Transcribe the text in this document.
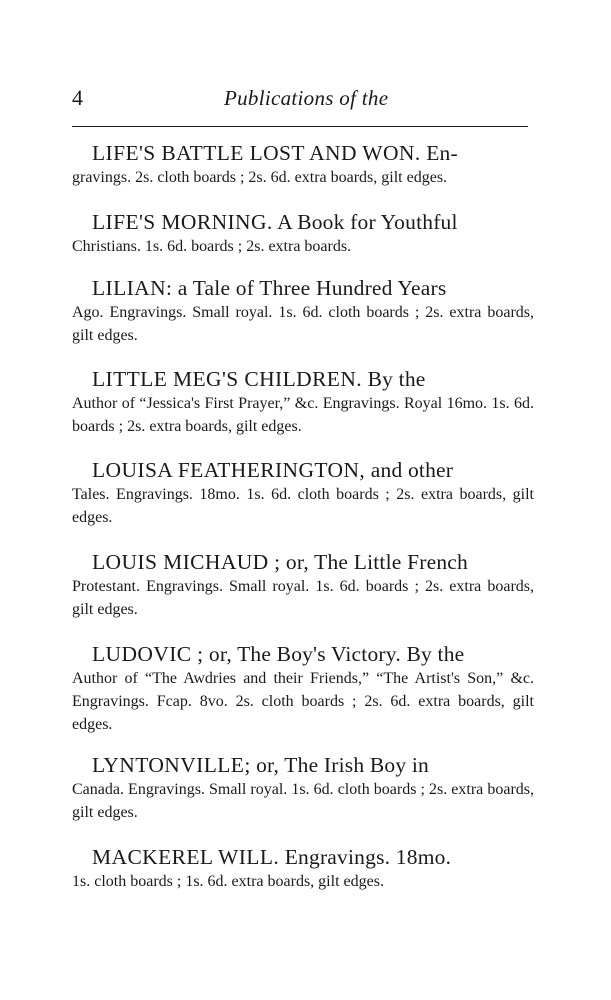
4	Publications of the

LIFE'S BATTLE LOST AND WON. En-
gravings. 2s. cloth boards ; 2s. 6d. extra boards, gilt edges.

LIFE'S MORNING. A Book for Youthful
Christians. 1s. 6d. boards ; 2s. extra boards.

LILIAN: a Tale of Three Hundred Years
Ago. Engravings. Small royal. 1s. 6d. cloth boards ; 2s. extra boards, gilt edges.

LITTLE MEG'S CHILDREN. By the
Author of “Jessica's First Prayer,” &c. Engravings. Royal 16mo. 1s. 6d. boards ; 2s. extra boards, gilt edges.

LOUISA FEATHERINGTON, and other
Tales. Engravings. 18mo. 1s. 6d. cloth boards ; 2s. extra boards, gilt edges.

LOUIS MICHAUD ; or, The Little French
Protestant. Engravings. Small royal. 1s. 6d. boards ; 2s. extra boards, gilt edges.

LUDOVIC ; or, The Boy's Victory. By the
Author of “The Awdries and their Friends,” “The Artist's Son,” &c. Engravings. Fcap. 8vo. 2s. cloth boards ; 2s. 6d. extra boards, gilt edges.

LYNTONVILLE; or, The Irish Boy in
Canada. Engravings. Small royal. 1s. 6d. cloth boards ; 2s. extra boards, gilt edges.

MACKEREL WILL. Engravings. 18mo.
1s. cloth boards ; 1s. 6d. extra boards, gilt edges.
